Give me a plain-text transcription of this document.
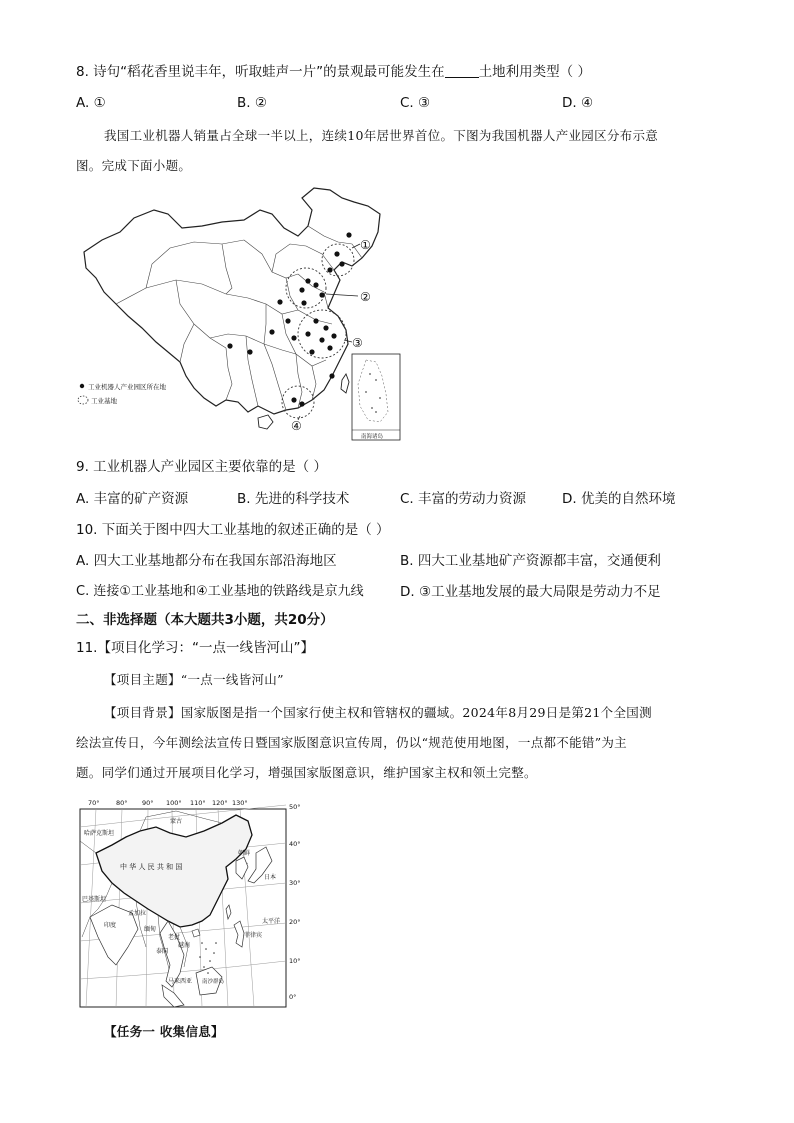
8. 诗句“稻花香里说丰年，听取蛙声一片”的景观最可能发生在	土地利用类型（ ）
A. ①	B. ②	C. ③	D. ④
我国工业机器人销量占全球一半以上，连续10年居世界首位。下图为我国机器人产业园区分布示意
图。完成下面小题。
①
②
③
④
工业机器人产业园区所在地
工业基地
南海诸岛
9. 工业机器人产业园区主要依靠的是（ ）
A. 丰富的矿产资源	B. 先进的科学技术	C. 丰富的劳动力资源	D. 优美的自然环境
10. 下面关于图中四大工业基地的叙述正确的是（ ）
A. 四大工业基地都分布在我国东部沿海地区	B. 四大工业基地矿产资源都丰富，交通便利
C. 连接①工业基地和④工业基地的铁路线是京九线	D. ③工业基地发展的最大局限是劳动力不足
二、非选择题（本大题共3小题，共20分）
11.【项目化学习：“一点一线皆河山”】
【项目主题】“一点一线皆河山”
【项目背景】国家版图是指一个国家行使主权和管辖权的疆域。2024年8月29日是第21个全国测
绘法宣传日，今年测绘法宣传日暨国家版图意识宣传周，仍以“规范使用地图，一点都不能错”为主
题。同学们通过开展项目化学习，增强国家版图意识，维护国家主权和领土完整。
70°	80° 90° 100° 110° 120° 130°	50°
40°
30°
20°
10°
0°
哈萨克斯坦
蒙古
中 华 人 民 共 和 国
巴基斯坦
印度
孟加拉
缅甸
泰国
朝鲜
日本
太平洋
菲律宾
马来西亚
老挝
越南
南沙群岛
【任务一 收集信息】
